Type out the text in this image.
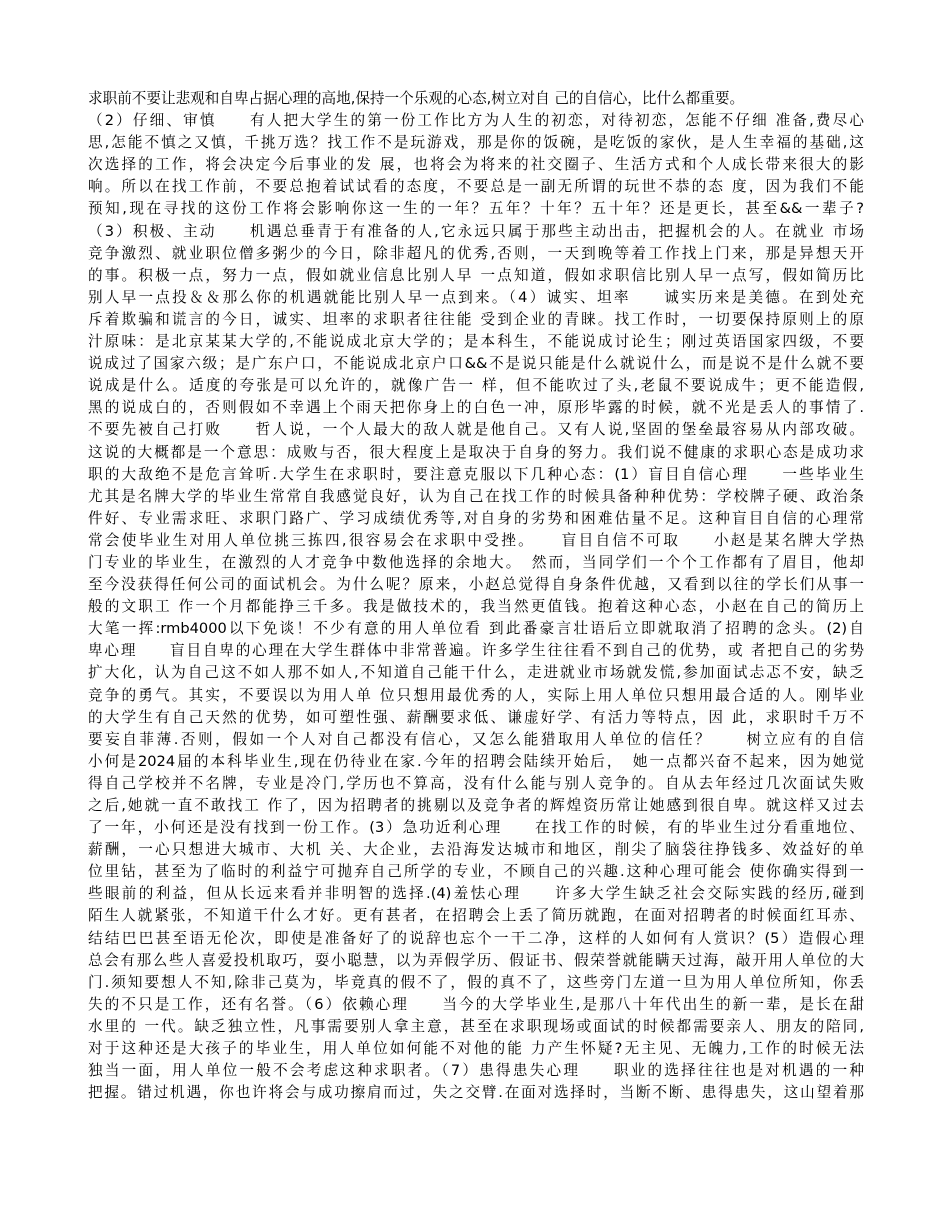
求职前不要让悲观和自卑占据心理的高地,保持一个乐观的心态,树立对自 己的自信心，比什么都重要。
（2）仔细、审慎　　有人把大学生的第一份工作比方为人生的初恋，对待初恋，怎能不仔细 准备,费尽心
思,怎能不慎之又慎，千挑万选？找工作不是玩游戏，那是你的饭碗，是吃饭的家伙，是人生幸福的基础,这
次选择的工作，将会决定今后事业的发 展，也将会为将来的社交圈子、生活方式和个人成长带来很大的影
响。所以在找工作前，不要总抱着试试看的态度，不要总是一副无所谓的玩世不恭的态 度，因为我们不能
预知,现在寻找的这份工作将会影响你这一生的一年？五年？十年？五十年？还是更长，甚至&&一辈子?
（3）积极、主动　　机遇总垂青于有准备的人,它永远只属于那些主动出击，把握机会的人。在就业 市场
竞争激烈、就业职位僧多粥少的今日，除非超凡的优秀,否则，一天到晚等着工作找上门来，那是异想天开
的事。积极一点，努力一点，假如就业信息比别人早 一点知道，假如求职信比别人早一点写，假如简历比
别人早一点投＆＆那么你的机遇就能比别人早一点到来。（4）诚实、坦率　　诚实历来是美德。在到处充
斥着欺骗和谎言的今日，诚实、坦率的求职者往往能 受到企业的青睐。找工作时，一切要保持原则上的原
汁原味：是北京某某大学的,不能说成北京大学的；是本科生，不能说成讨论生；刚过英语国家四级，不要
说成过了国家六级；是广东户口，不能说成北京户口&&不是说只能是什么就说什么，而是说不是什么就不要
说成是什么。适度的夸张是可以允许的，就像广告一 样，但不能吹过了头,老鼠不要说成牛；更不能造假,
黑的说成白的，否则假如不幸遇上个雨天把你身上的白色一冲，原形毕露的时候，就不光是丢人的事情了.
不要先被自己打败　　哲人说，一个人最大的敌人就是他自己。又有人说,坚固的堡垒最容易从内部攻破。
这说的大概都是一个意思：成败与否，很大程度上是取决于自身的努力。我们说不健康的求职心态是成功求
职的大敌绝不是危言耸听.大学生在求职时，要注意克服以下几种心态：(1）盲目自信心理　　一些毕业生
尤其是名牌大学的毕业生常常自我感觉良好，认为自己在找工作的时候具备种种优势：学校牌子硬、政治条
件好、专业需求旺、求职门路广、学习成绩优秀等,对自身的劣势和困难估量不足。这种盲目自信的心理常
常会使毕业生对用人单位挑三拣四,很容易会在求职中受挫。　　盲目自信不可取　　小赵是某名牌大学热
门专业的毕业生，在激烈的人才竞争中数他选择的余地大。　然而，当同学们一个个工作都有了眉目，他却
至今没获得任何公司的面试机会。为什么呢？原来，小赵总觉得自身条件优越，又看到以往的学长们从事一
般的文职工 作一个月都能挣三千多。我是做技术的，我当然更值钱。抱着这种心态，小赵在自己的简历上
大笔一挥:rmb4000以下免谈！不少有意的用人单位看 到此番豪言壮语后立即就取消了招聘的念头。(2)自
卑心理　　盲目自卑的心理在大学生群体中非常普遍。许多学生往往看不到自己的优势，或 者把自己的劣势
扩大化，认为自己这不如人那不如人,不知道自己能干什么，走进就业市场就发慌,参加面试忐忑不安，缺乏
竞争的勇气。其实，不要误以为用人单 位只想用最优秀的人，实际上用人单位只想用最合适的人。刚毕业
的大学生有自己天然的优势，如可塑性强、薪酬要求低、谦虚好学、有活力等特点，因 此，求职时千万不
要妄自菲薄.否则，假如一个人对自己都没有信心，又怎么能猎取用人单位的信任？　　树立应有的自信
小何是2024届的本科毕业生,现在仍待业在家.今年的招聘会陆续开始后，　她一点都兴奋不起来，因为她觉
得自己学校并不名牌，专业是冷门,学历也不算高，没有什么能与别人竞争的。自从去年经过几次面试失败
之后,她就一直不敢找工 作了，因为招聘者的挑剔以及竞争者的辉煌资历常让她感到很自卑。就这样又过去
了一年，小何还是没有找到一份工作。(3）急功近利心理　　在找工作的时候，有的毕业生过分看重地位、
薪酬，一心只想进大城市、大机 关、大企业，去沿海发达城市和地区，削尖了脑袋往挣钱多、效益好的单
位里钻，甚至为了临时的利益宁可抛弃自己所学的专业，不顾自己的兴趣.这种心理可能会 使你确实得到一
些眼前的利益，但从长远来看并非明智的选择.(4)羞怯心理　　许多大学生缺乏社会交际实践的经历,碰到
陌生人就紧张，不知道干什么才好。更有甚者，在招聘会上丢了简历就跑，在面对招聘者的时候面红耳赤、
结结巴巴甚至语无伦次，即使是准备好了的说辞也忘个一干二净，这样的人如何有人赏识？(5）造假心理
总会有那么些人喜爱投机取巧，耍小聪慧，以为弄假学历、假证书、假荣誉就能瞒天过海，敲开用人单位的大
门.须知要想人不知,除非己莫为，毕竟真的假不了，假的真不了，这些旁门左道一旦为用人单位所知，你丢
失的不只是工作，还有名誉。（6）依赖心理　　当今的大学毕业生,是那八十年代出生的新一辈，是长在甜
水里的 一代。缺乏独立性，凡事需要别人拿主意，甚至在求职现场或面试的时候都需要亲人、朋友的陪同,
对于这种还是大孩子的毕业生，用人单位如何能不对他的能 力产生怀疑?无主见、无魄力,工作的时候无法
独当一面，用人单位一般不会考虑这种求职者。（7）患得患失心理　　职业的选择往往也是对机遇的一种
把握。错过机遇，你也许将会与成功擦肩而过，失之交臂.在面对选择时，当断不断、患得患失，这山望着那
